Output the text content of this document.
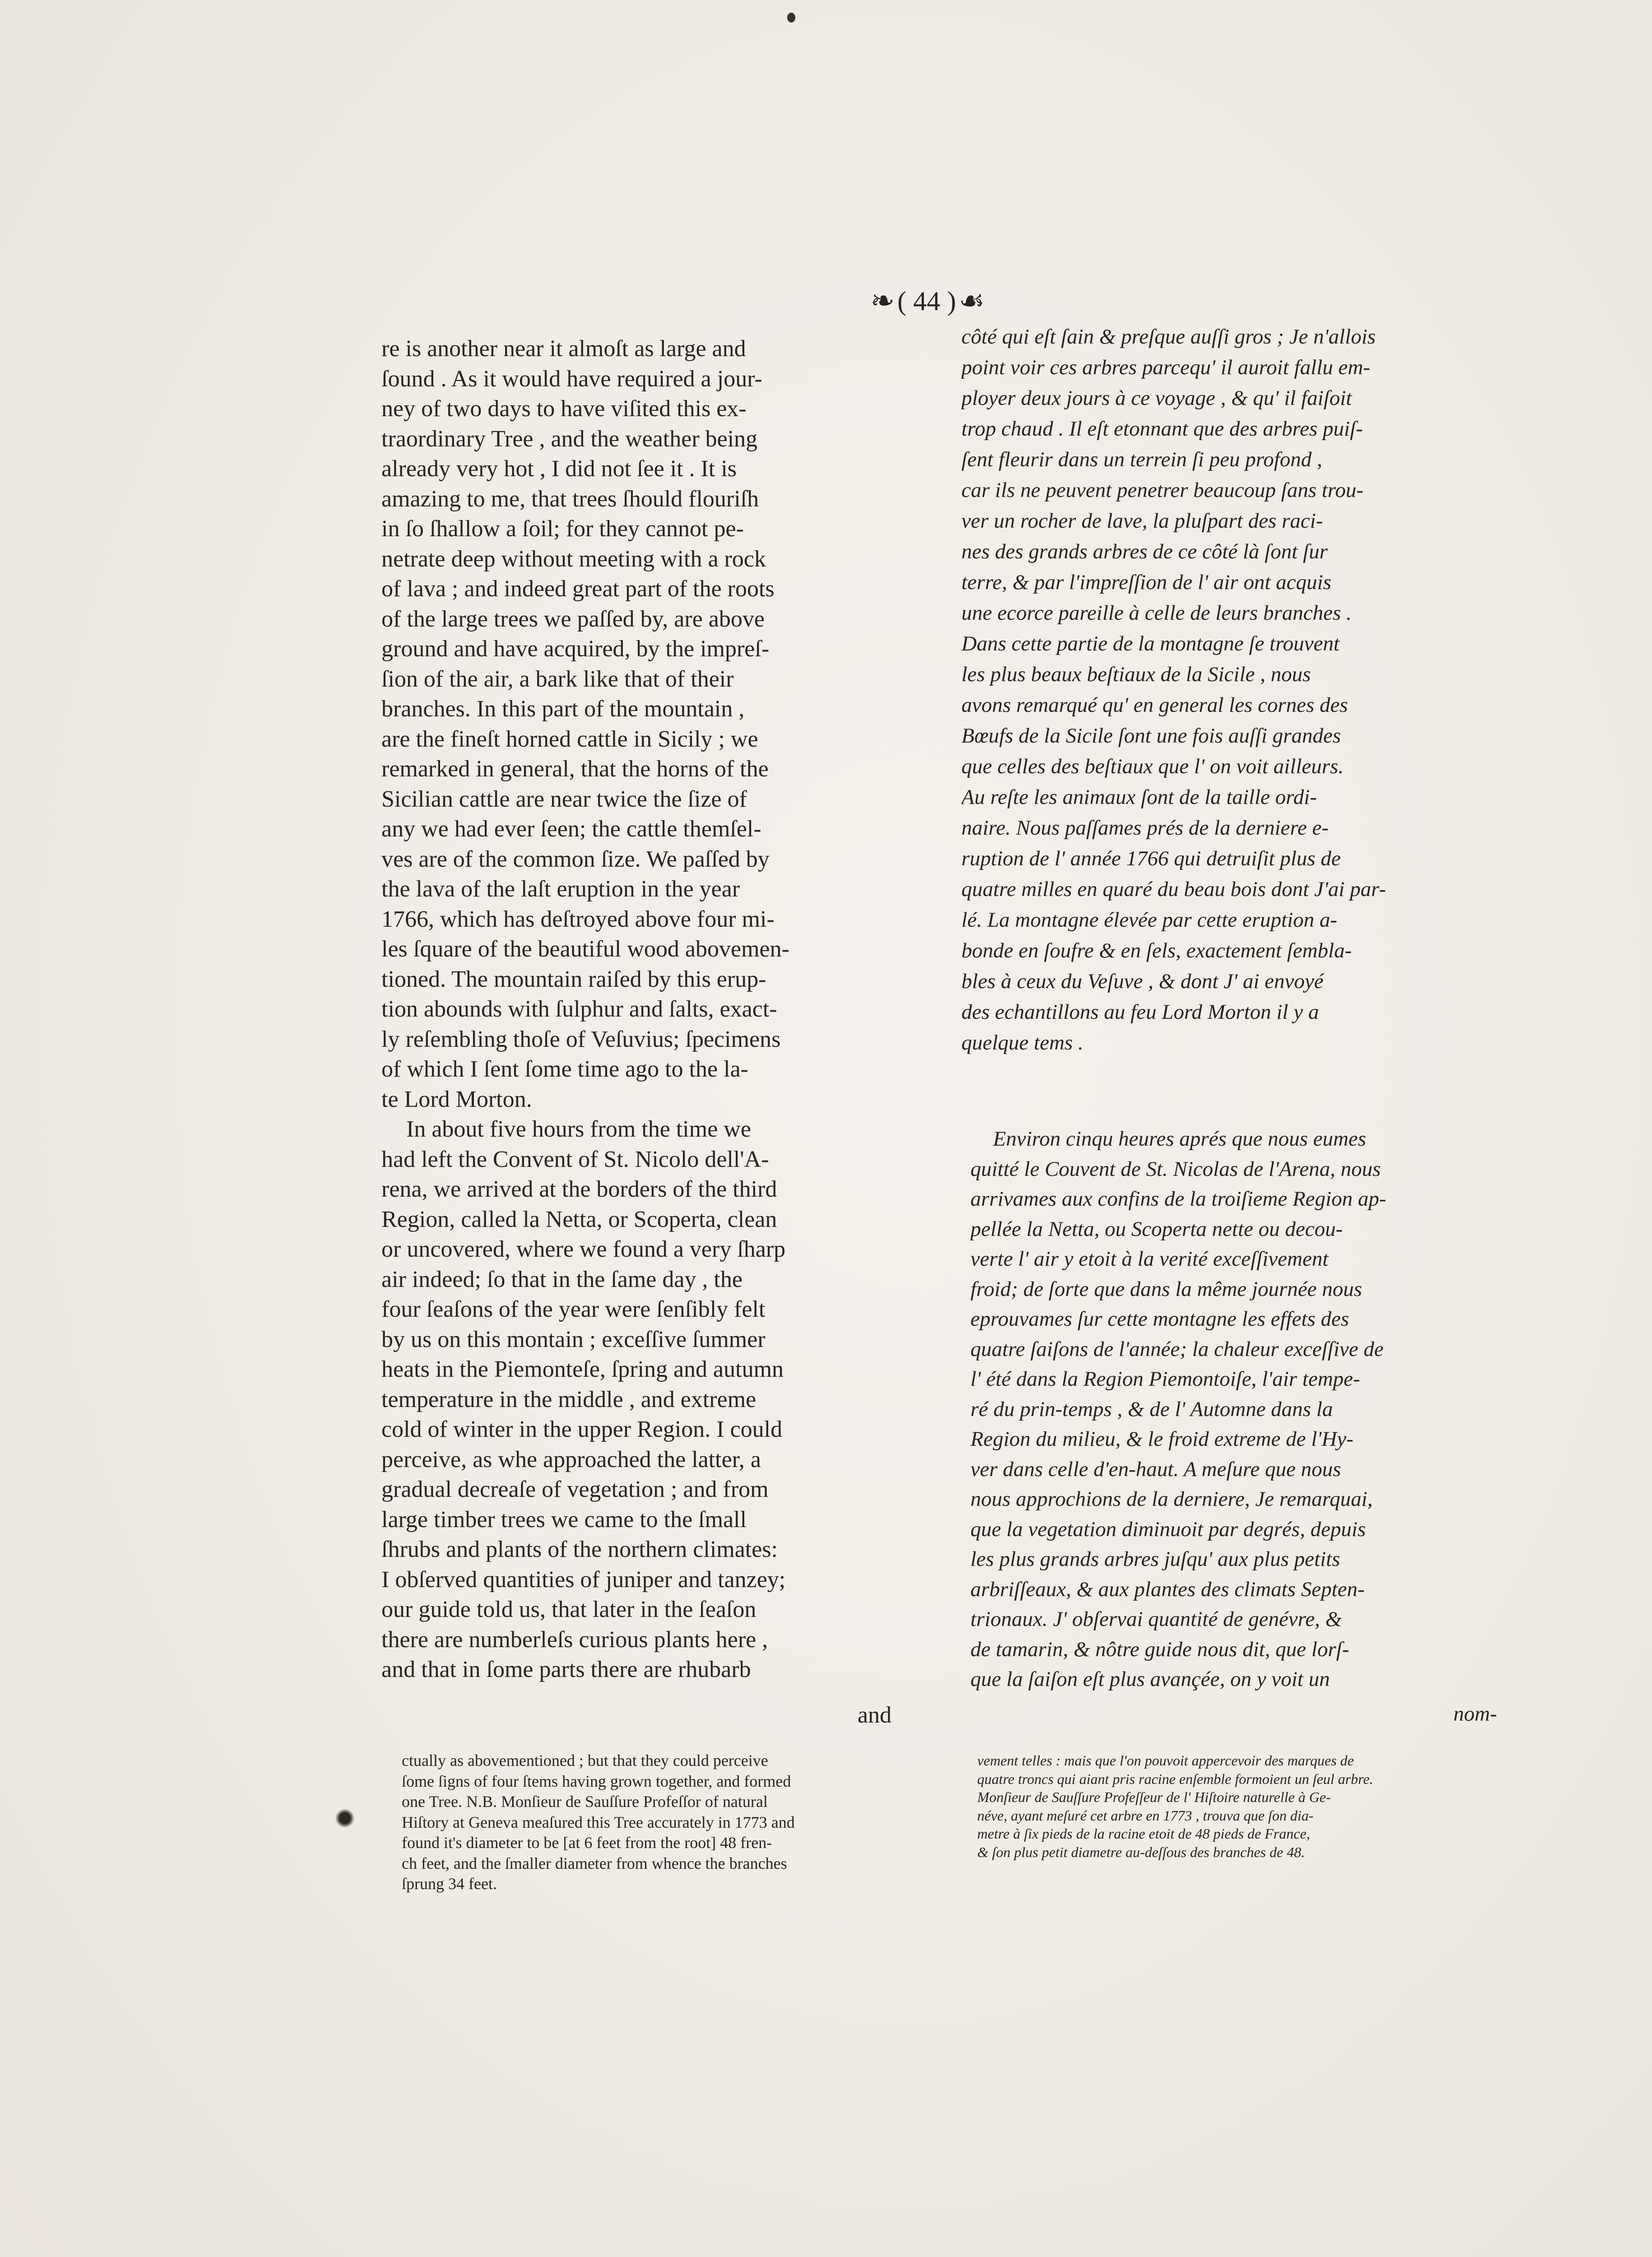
❧ ( 44 ) ☙
re is another near it almoſt as large and
ſound . As it would have required a jour-
ney of two days to have viſited this ex-
traordinary Tree , and the weather being
already very hot , I did not ſee it . It is
amazing to me, that trees ſhould flouriſh
in ſo ſhallow a ſoil; for they cannot pe-
netrate deep without meeting with a rock
of lava ; and indeed great part of the roots
of the large trees we paſſed by, are above
ground and have acquired, by the impreſ-
ſion of the air, a bark like that of their
branches. In this part of the mountain ,
are the fineſt horned cattle in Sicily ; we
remarked in general, that the horns of the
Sicilian cattle are near twice the ſize of
any we had ever ſeen; the cattle themſel-
ves are of the common ſize. We paſſed by
the lava of the laſt eruption in the year
1766, which has deſtroyed above four mi-
les ſquare of the beautiful wood abovemen-
tioned. The mountain raiſed by this erup-
tion abounds with ſulphur and ſalts, exact-
ly reſembling thoſe of Veſuvius; ſpecimens
of which I ſent ſome time ago to the la-
te Lord Morton.
In about five hours from the time we
had left the Convent of St. Nicolo dell'A-
rena, we arrived at the borders of the third
Region, called la Netta, or Scoperta, clean
or uncovered, where we found a very ſharp
air indeed; ſo that in the ſame day , the
four ſeaſons of the year were ſenſibly felt
by us on this montain ; exceſſive ſummer
heats in the Piemonteſe, ſpring and autumn
temperature in the middle , and extreme
cold of winter in the upper Region. I could
perceive, as whe approached the latter, a
gradual decreaſe of vegetation ; and from
large timber trees we came to the ſmall
ſhrubs and plants of the northern climates:
I obſerved quantities of juniper and tanzey;
our guide told us, that later in the ſeaſon
there are numberleſs curious plants here ,
and that in ſome parts there are rhubarb
and
côté qui eſt ſain & preſque auſſi gros ; Je n'allois
point voir ces arbres parcequ' il auroit fallu em-
ployer deux jours à ce voyage , & qu' il faiſoit
trop chaud . Il eſt etonnant que des arbres puiſ-
ſent fleurir dans un terrein ſi peu profond ,
car ils ne peuvent penetrer beaucoup ſans trou-
ver un rocher de lave, la pluſpart des raci-
nes des grands arbres de ce côté là ſont ſur
terre, & par l'impreſſion de l' air ont acquis
une ecorce pareille à celle de leurs branches .
Dans cette partie de la montagne ſe trouvent
les plus beaux beſtiaux de la Sicile , nous
avons remarqué qu' en general les cornes des
Bœufs de la Sicile ſont une fois auſſi grandes
que celles des beſtiaux que l' on voit ailleurs.
Au reſte les animaux ſont de la taille ordi-
naire. Nous paſſames prés de la derniere e-
ruption de l' année 1766 qui detruiſit plus de
quatre milles en quaré du beau bois dont J'ai par-
lé. La montagne élevée par cette eruption a-
bonde en ſoufre & en ſels, exactement ſembla-
bles à ceux du Veſuve , & dont J' ai envoyé
des echantillons au feu Lord Morton il y a
quelque tems .
Environ cinqu heures aprés que nous eumes
quitté le Couvent de St. Nicolas de l'Arena, nous
arrivames aux confins de la troiſieme Region ap-
pellée la Netta, ou Scoperta nette ou decou-
verte l' air y etoit à la verité exceſſivement
froid; de ſorte que dans la même journée nous
eprouvames ſur cette montagne les effets des
quatre ſaiſons de l'année; la chaleur exceſſive de
l' été dans la Region Piemontoiſe, l'air tempe-
ré du prin-temps , & de l' Automne dans la
Region du milieu, & le froid extreme de l'Hy-
ver dans celle d'en-haut. A meſure que nous
nous approchions de la derniere, Je remarquai,
que la vegetation diminuoit par degrés, depuis
les plus grands arbres juſqu' aux plus petits
arbriſſeaux, & aux plantes des climats Septen-
trionaux. J' obſervai quantité de genévre, &
de tamarin, & nôtre guide nous dit, que lorſ-
que la ſaiſon eſt plus avançée, on y voit un
nom-
ctually as abovementioned ; but that they could perceive
ſome ſigns of four ſtems having grown together, and formed
one Tree. N.B. Monſieur de Sauſſure Profeſſor of natural
Hiſtory at Geneva meaſured this Tree accurately in 1773 and
found it's diameter to be [at 6 feet from the root] 48 fren-
ch feet, and the ſmaller diameter from whence the branches
ſprung 34 feet.
vement telles : mais que l'on pouvoit appercevoir des marques de
quatre troncs qui aiant pris racine enſemble formoient un ſeul arbre.
Monſieur de Sauſſure Profeſſeur de l' Hiſtoire naturelle à Ge-
néve, ayant meſuré cet arbre en 1773 , trouva que ſon dia-
metre à ſix pieds de la racine etoit de 48 pieds de France,
& ſon plus petit diametre au-deſſous des branches de 48.
